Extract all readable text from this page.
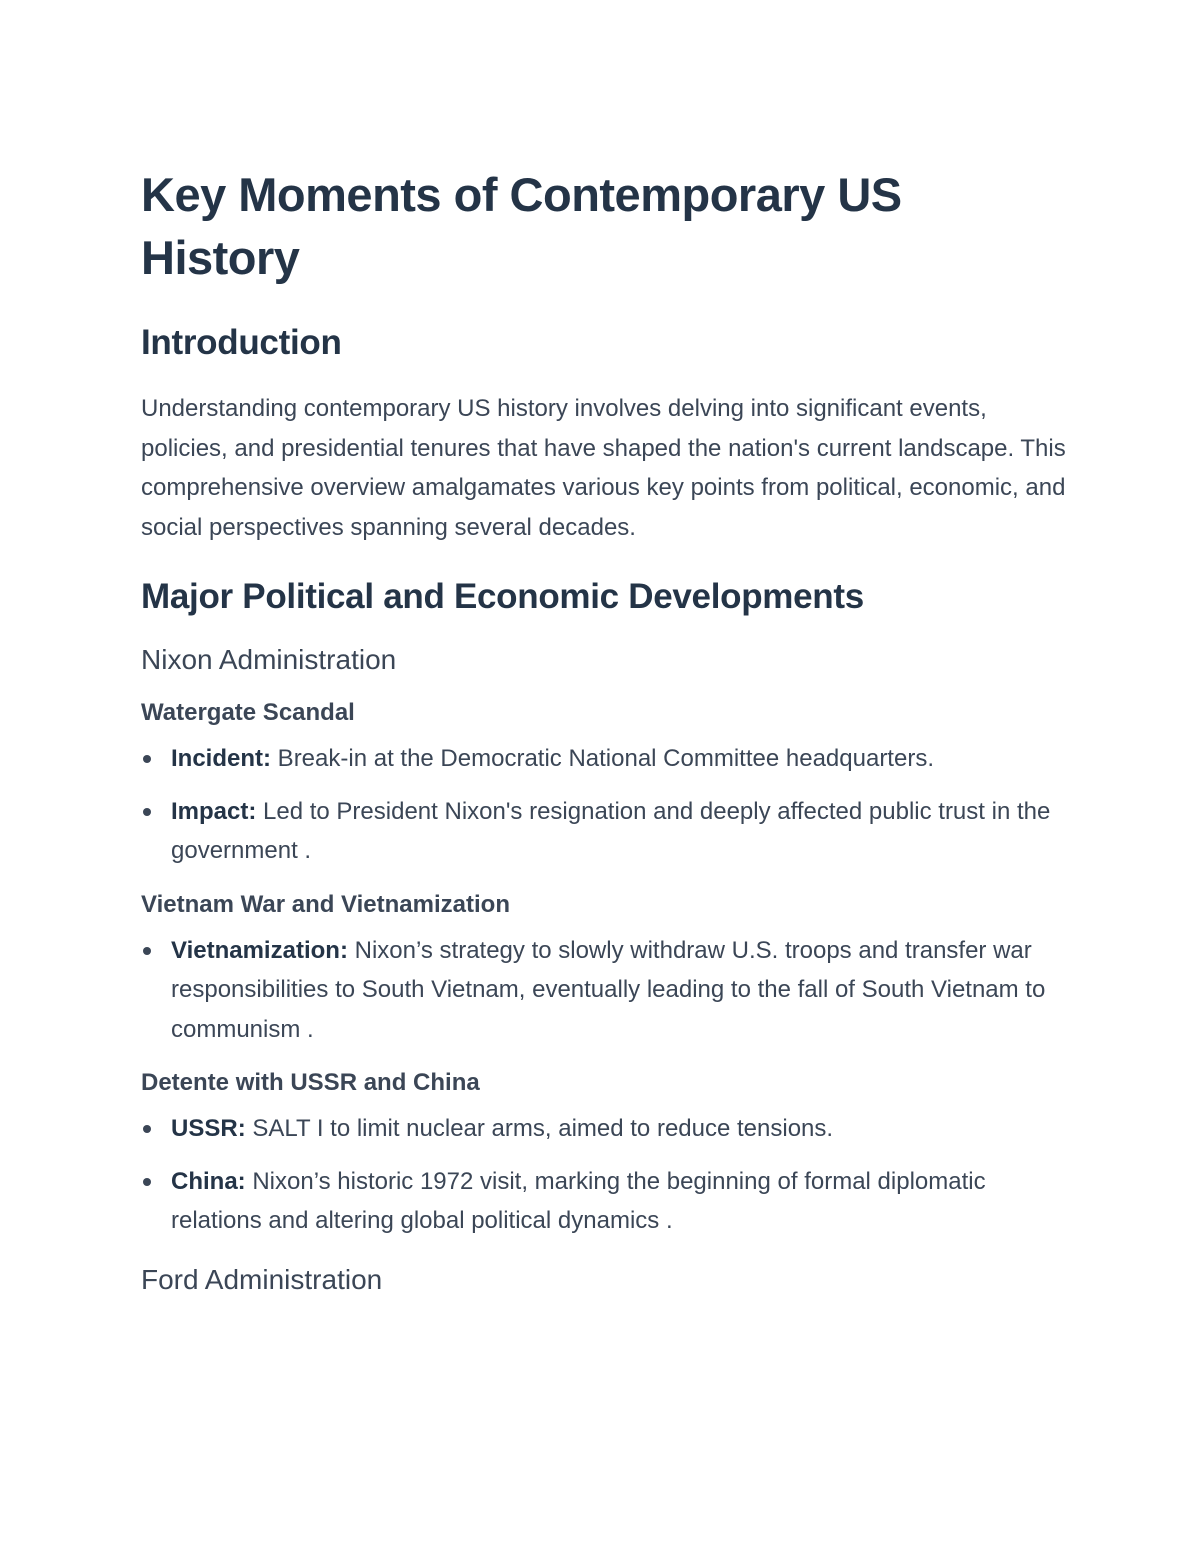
Key Moments of Contemporary US History
Introduction

Understanding contemporary US history involves delving into significant events, policies, and presidential tenures that have shaped the nation's current landscape. This comprehensive overview amalgamates various key points from political, economic, and social perspectives spanning several decades.

Major Political and Economic Developments
Nixon Administration
Watergate Scandal
Incident: Break-in at the Democratic National Committee headquarters.
Impact: Led to President Nixon's resignation and deeply affected public trust in the government .
Vietnam War and Vietnamization
Vietnamization: Nixon’s strategy to slowly withdraw U.S. troops and transfer war responsibilities to South Vietnam, eventually leading to the fall of South Vietnam to communism .
Detente with USSR and China
USSR: SALT I to limit nuclear arms, aimed to reduce tensions.
China: Nixon’s historic 1972 visit, marking the beginning of formal diplomatic relations and altering global political dynamics .
Ford Administration
